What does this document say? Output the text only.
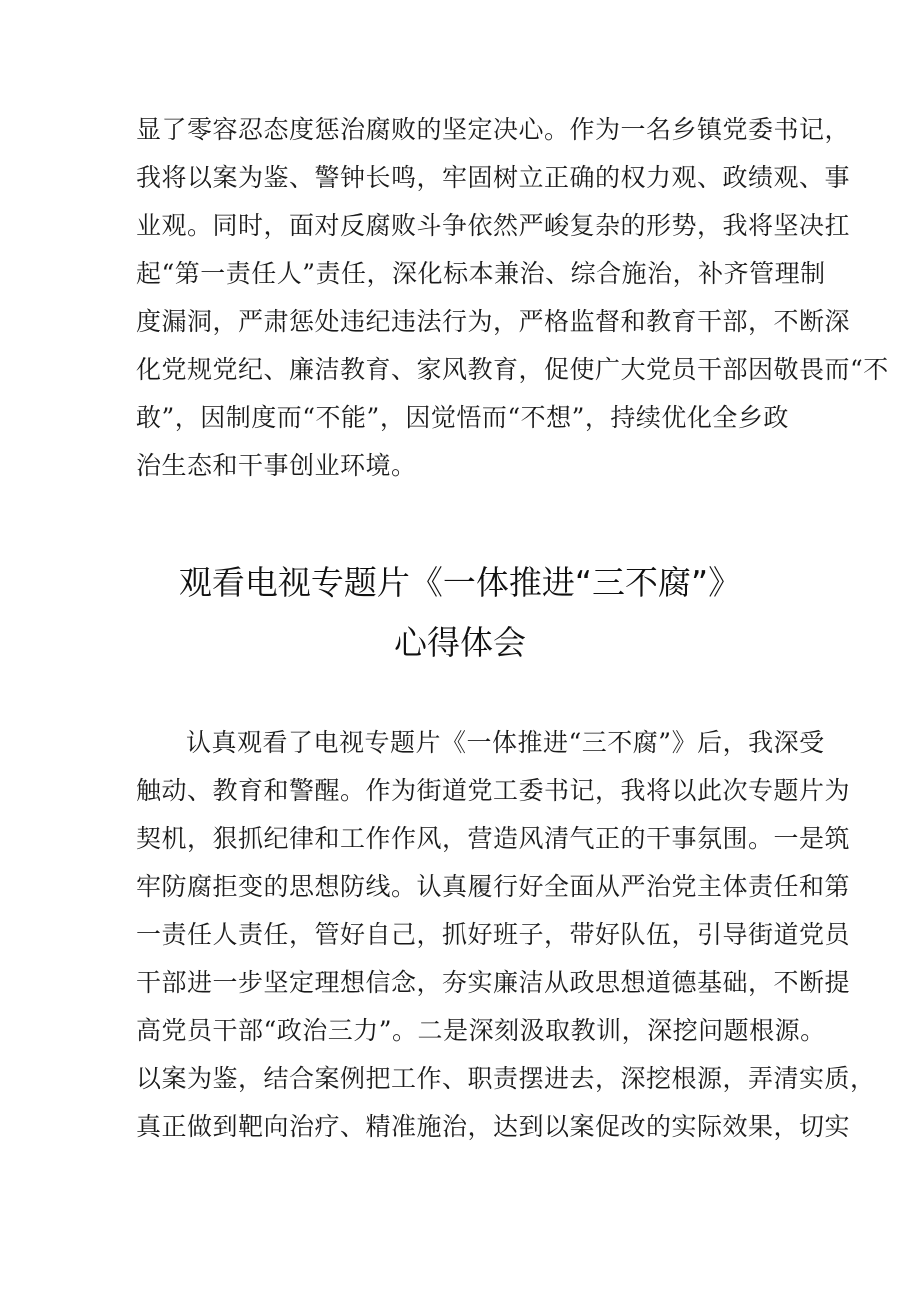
显了零容忍态度惩治腐败的坚定决心。作为一名乡镇党委书记，
我将以案为鉴、警钟长鸣，牢固树立正确的权力观、政绩观、事
业观。同时，面对反腐败斗争依然严峻复杂的形势，我将坚决扛
起“第一责任人”责任，深化标本兼治、综合施治，补齐管理制
度漏洞，严肃惩处违纪违法行为，严格监督和教育干部，不断深
化党规党纪、廉洁教育、家风教育，促使广大党员干部因敬畏而“不
敢”，因制度而“不能”，因觉悟而“不想”，持续优化全乡政
治生态和干事创业环境。
观看电视专题片《一体推进“三不腐”》
心得体会
认真观看了电视专题片《一体推进“三不腐”》后，我深受
触动、教育和警醒。作为街道党工委书记，我将以此次专题片为
契机，狠抓纪律和工作作风，营造风清气正的干事氛围。一是筑
牢防腐拒变的思想防线。认真履行好全面从严治党主体责任和第
一责任人责任，管好自己，抓好班子，带好队伍，引导街道党员
干部进一步坚定理想信念，夯实廉洁从政思想道德基础，不断提
高党员干部“政治三力”。二是深刻汲取教训，深挖问题根源。
以案为鉴，结合案例把工作、职责摆进去，深挖根源，弄清实质，
真正做到靶向治疗、精准施治，达到以案促改的实际效果，切实
